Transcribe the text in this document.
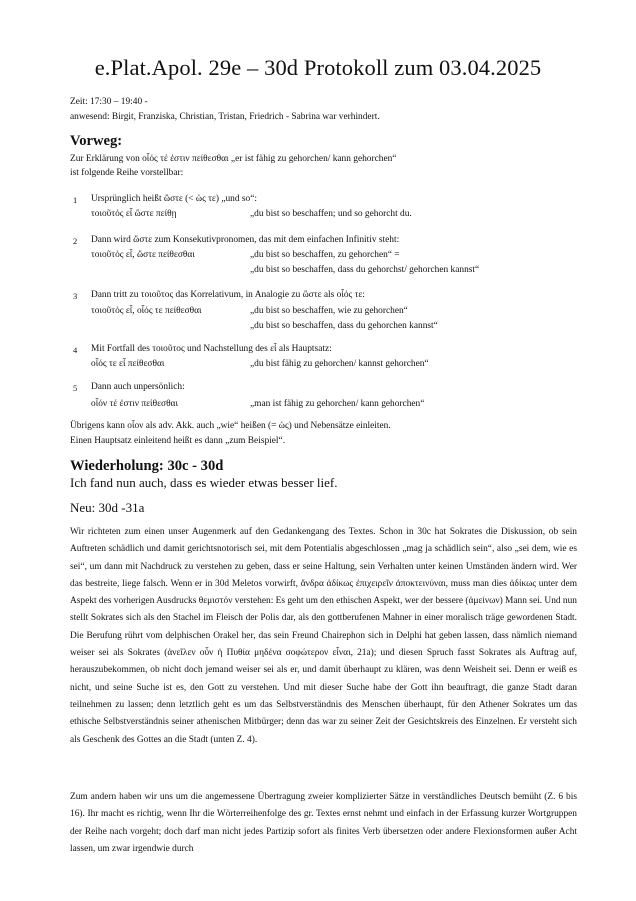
e.Plat.Apol. 29e – 30d Protokoll zum 03.04.2025
Zeit: 17:30 – 19:40 -
anwesend: Birgit, Franziska, Christian, Tristan, Friedrich - Sabrina war verhindert.
Vorweg:
Zur Erklärung von οἷός τέ ἐστιν πείθεσθαι „er ist fähig zu gehorchen/ kann gehorchen“
ist folgende Reihe vorstellbar:
1 Ursprünglich heißt ὥστε (< ὡς τε) „und so“:
τοιοῦτός εἶ ὥστε πείθῃ	„du bist so beschaffen; und so gehorcht du.
2 Dann wird ὥστε zum Konsekutivpronomen, das mit dem einfachen Infinitiv steht:
τοιοῦτός εἶ, ὥστε πείθεσθαι	„du bist so beschaffen, zu gehorchen“ =
„du bist so beschaffen, dass du gehorchst/ gehorchen kannst“
3 Dann tritt zu τοιοῦτος das Korrelativum, in Analogie zu ὥστε als οἷός τε:
τοιοῦτός εἶ, οἷός τε πείθεσθαι	„du bist so beschaffen, wie zu gehorchen“
„du bist so beschaffen, dass du gehorchen kannst“
4 Mit Fortfall des τοιοῦτος und Nachstellung des εἶ als Hauptsatz:
οἷός τε εἶ πείθεσθαι	„du bist fähig zu gehorchen/ kannst gehorchen“
5 Dann auch unpersönlich:
οἷόν τέ ἐστιν πείθεσθαι	„man ist fähig zu gehorchen/ kann gehorchen“
Übrigens kann οἷον als adv. Akk. auch „wie“ heißen (= ὡς) und Nebensätze einleiten.
Einen Hauptsatz einleitend heißt es dann „zum Beispiel“.
Wiederholung: 30c - 30d
Ich fand nun auch, dass es wieder etwas besser lief.
Neu: 30d -31a
Wir richteten zum einen unser Augenmerk auf den Gedankengang des Textes. Schon in 30c hat Sokrates die Diskussion, ob sein Auftreten schädlich und damit gerichtsnotorisch sei, mit dem Potentialis abgeschlossen „mag ja schädlich sein“, also „sei dem, wie es sei“, um dann mit Nachdruck zu verstehen zu geben, dass er seine Haltung, sein Verhalten unter keinen Umständen ändern wird. Wer das bestreite, liege falsch. Wenn er in 30d Meletos vorwirft, ἄνδρα ἀδίκως ἐπιχειρεῖν ἀποκτεινύναι, muss man dies ἀδίκως unter dem Aspekt des vorherigen Ausdrucks θεμιστόν verstehen: Es geht um den ethischen Aspekt, wer der bessere (ἀμείνων) Mann sei. Und nun stellt Sokrates sich als den Stachel im Fleisch der Polis dar, als den gottberufenen Mahner in einer moralisch träge gewordenen Stadt. Die Berufung rührt vom delphischen Orakel her, das sein Freund Chairephon sich in Delphi hat geben lassen, dass nämlich niemand weiser sei als Sokrates (ἀνεῖλεν οὖν ἡ Πυθία μηδένα σοφώτερον εἶναι, 21a); und diesen Spruch fasst Sokrates als Auftrag auf, herauszubekommen, ob nicht doch jemand weiser sei als er, und damit überhaupt zu klären, was denn Weisheit sei. Denn er weiß es nicht, und seine Suche ist es, den Gott zu verstehen. Und mit dieser Suche habe der Gott ihn beauftragt, die ganze Stadt daran teilnehmen zu lassen; denn letztlich geht es um das Selbstverständnis des Menschen überhaupt, für den Athener Sokrates um das ethische Selbstverständnis seiner athenischen Mitbürger; denn das war zu seiner Zeit der Gesichtskreis des Einzelnen. Er versteht sich als Geschenk des Gottes an die Stadt (unten Z. 4).
Zum andern haben wir uns um die angemessene Übertragung zweier komplizierter Sätze in verständliches Deutsch bemüht (Z. 6 bis 16). Ihr macht es richtig, wenn Ihr die Wörterreihenfolge des gr. Textes ernst nehmt und einfach in der Erfassung kurzer Wortgruppen der Reihe nach vorgeht; doch darf man nicht jedes Partizip sofort als finites Verb übersetzen oder andere Flexionsformen außer Acht lassen, um zwar irgendwie durch
